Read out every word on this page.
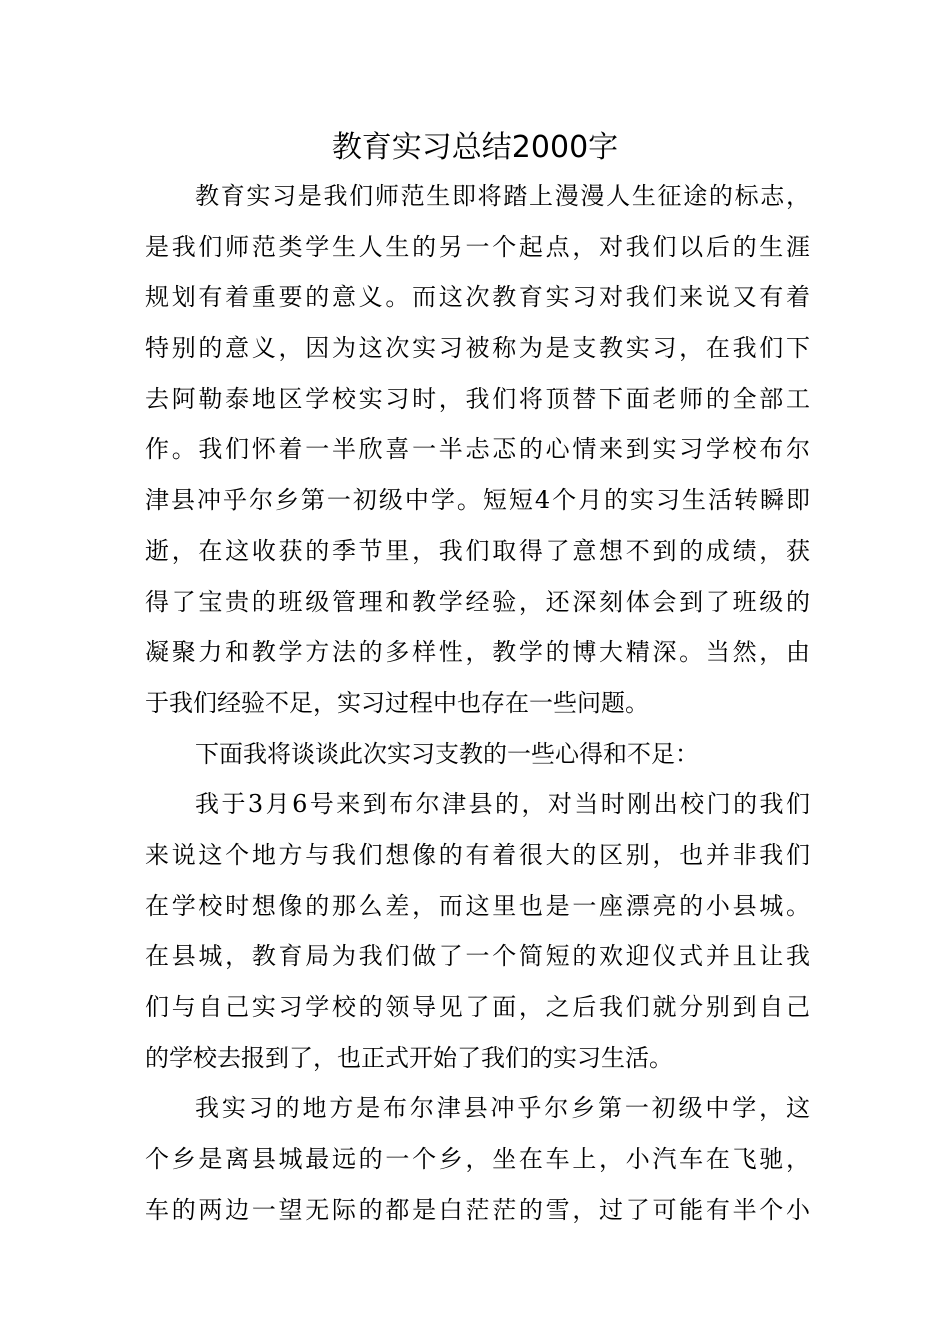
教育实习总结2000字
教育实习是我们师范生即将踏上漫漫人生征途的标志，
是我们师范类学生人生的另一个起点，对我们以后的生涯
规划有着重要的意义。而这次教育实习对我们来说又有着
特别的意义，因为这次实习被称为是支教实习，在我们下
去阿勒泰地区学校实习时，我们将顶替下面老师的全部工
作。我们怀着一半欣喜一半忐忑的心情来到实习学校布尔
津县冲乎尔乡第一初级中学。短短4个月的实习生活转瞬即
逝，在这收获的季节里，我们取得了意想不到的成绩，获
得了宝贵的班级管理和教学经验，还深刻体会到了班级的
凝聚力和教学方法的多样性，教学的博大精深。当然，由
于我们经验不足，实习过程中也存在一些问题。
下面我将谈谈此次实习支教的一些心得和不足：
我于3月6号来到布尔津县的，对当时刚出校门的我们
来说这个地方与我们想像的有着很大的区别，也并非我们
在学校时想像的那么差，而这里也是一座漂亮的小县城。
在县城，教育局为我们做了一个简短的欢迎仪式并且让我
们与自己实习学校的领导见了面，之后我们就分别到自己
的学校去报到了，也正式开始了我们的实习生活。
我实习的地方是布尔津县冲乎尔乡第一初级中学，这
个乡是离县城最远的一个乡，坐在车上，小汽车在飞驰，
车的两边一望无际的都是白茫茫的雪，过了可能有半个小
